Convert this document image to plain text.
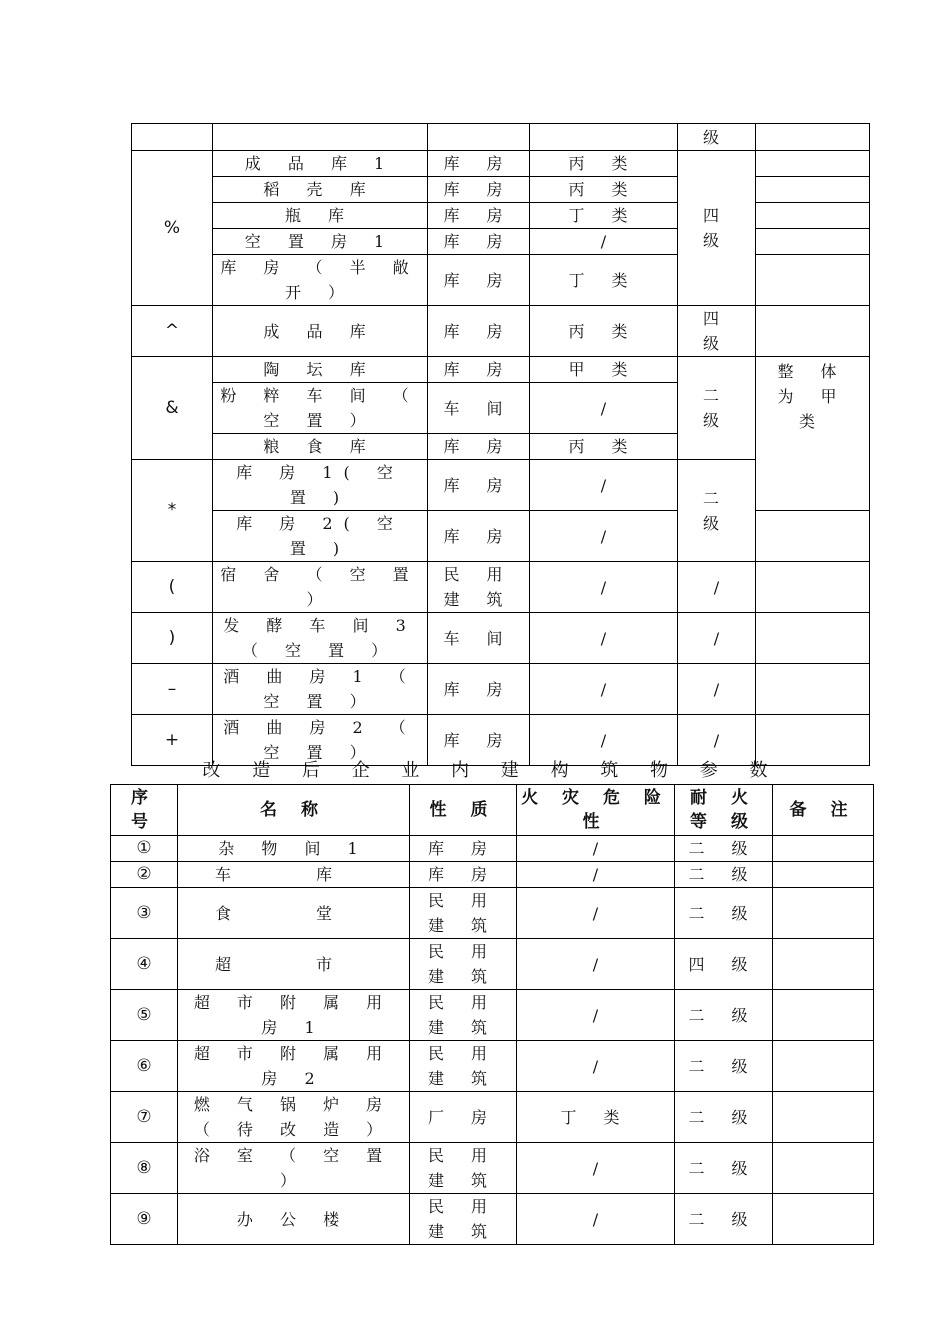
				级	
%	成 品 库 1	库 房	丙 类	四 级	
	稻 壳 库	库 房	丙 类		
	瓶 库	库 房	丁 类		
	空 置 房 1	库 房	/		
	库 房 （ 半 敞 开 ）	库 房	丁 类		
^	成 品 库	库 房	丙 类	四 级	
&	陶 坛 库	库 房	甲 类	二 级	整 体 为 甲 类
	粉 粹 车 间 （ 空 置 ）	车 间	/		
	粮 食 库	库 房	丙 类		
*	库 房 1( 空 置 )	库 房	/	二 级	
	库 房 2( 空 置 )	库 房	/		
(	宿 舍 （ 空 置 ）	民 用 建 筑	/	/	
)	发 酵 车 间 3 （ 空 置 ）	车 间	/	/	
–	酒 曲 房 1 （ 空 置 ）	库 房	/	/	
+	酒 曲 房 2 （ 空 置 ）	库 房	/	/	
改 造 后 企 业 内 建 构 筑 物 参 数
序 号	名 称	性 质	火 灾 危 险 性	耐 火 等 级	备 注
①	杂 物 间 1	库 房	/	二 级	
②	车 库	库 房	/	二 级	
③	食 堂	民 用 建 筑	/	二 级	
④	超 市	民 用 建 筑	/	四 级	
⑤	超 市 附 属 用 房 1	民 用 建 筑	/	二 级	
⑥	超 市 附 属 用 房 2	民 用 建 筑	/	二 级	
⑦	燃 气 锅 炉 房 （ 待 改 造 ）	厂 房	丁 类	二 级	
⑧	浴 室 （ 空 置 ）	民 用 建 筑	/	二 级	
⑨	办 公 楼	民 用 建 筑	/	二 级	
